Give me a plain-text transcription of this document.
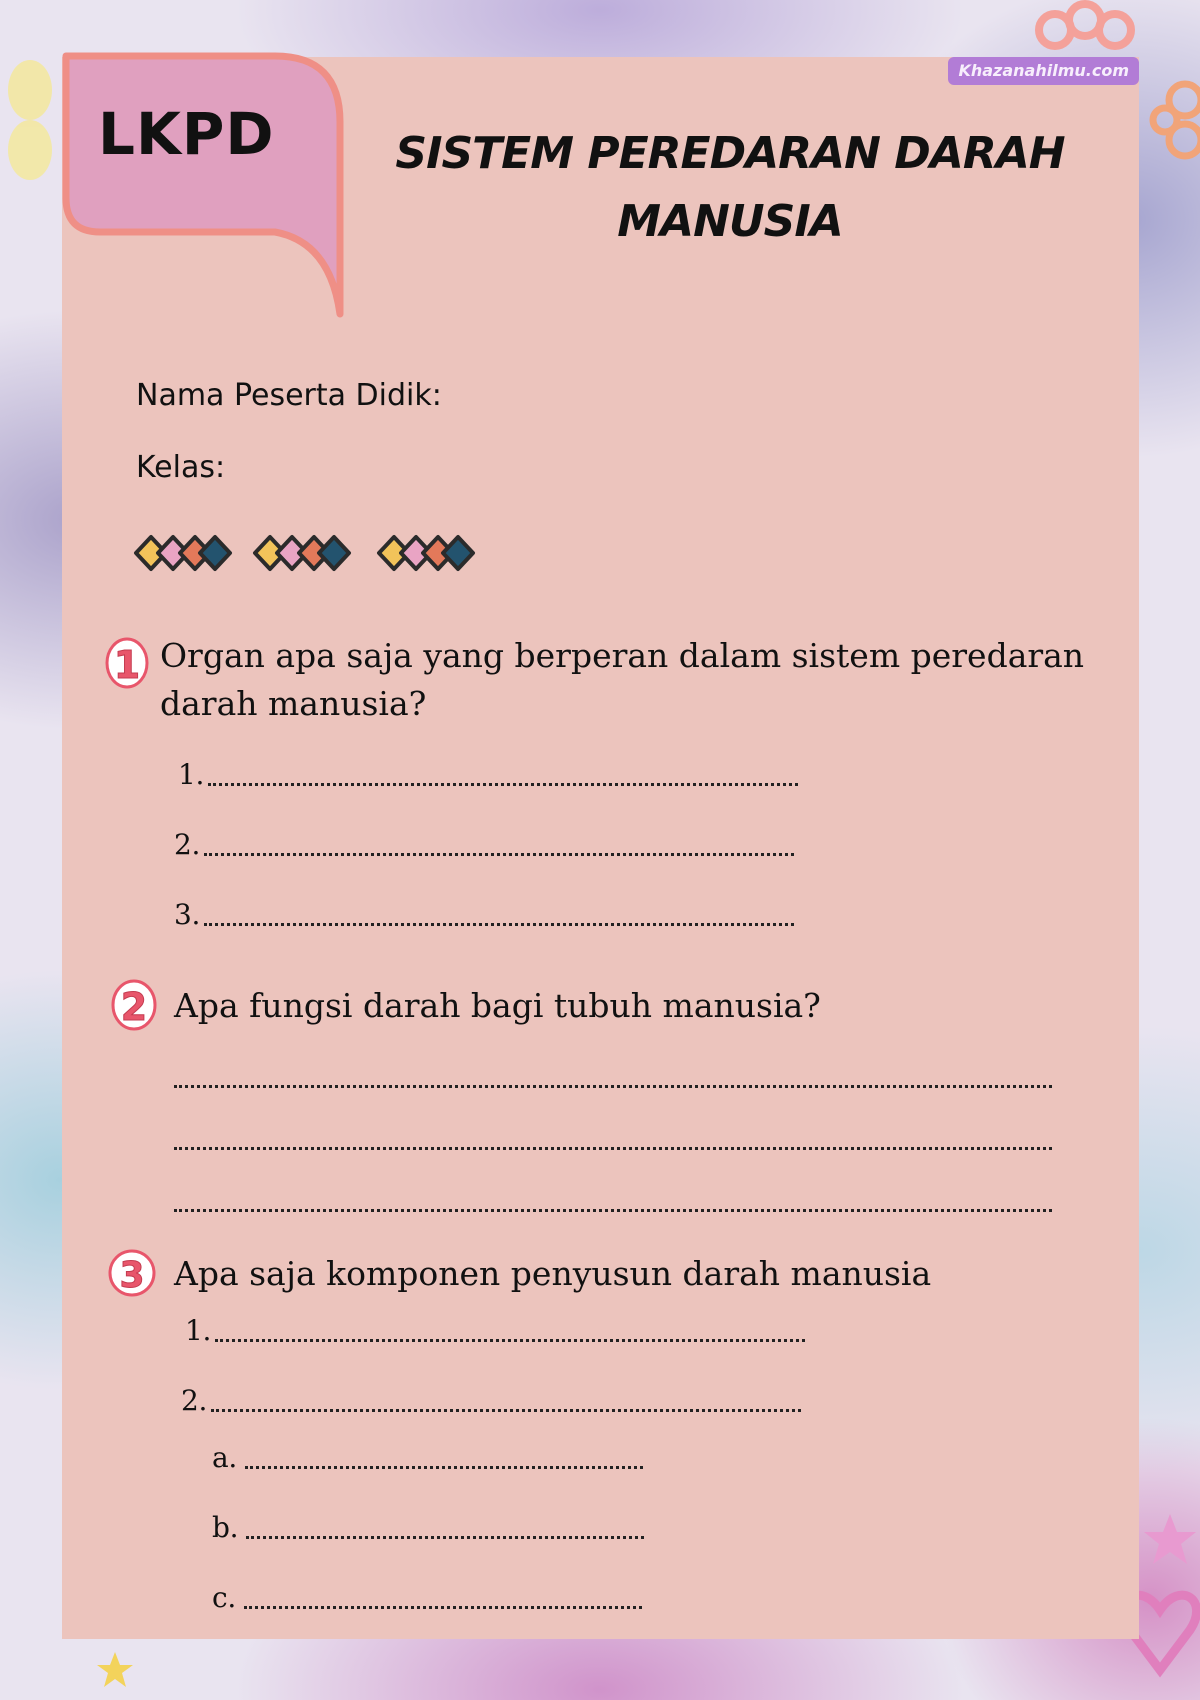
Khazanahilmu.com
LKPD	SISTEM PEREDARAN DARAH
MANUSIA
Nama Peserta Didik:
Kelas:
1 Organ apa saja yang berperan dalam sistem peredaran darah manusia?
1.
2.
3.
2 Apa fungsi darah bagi tubuh manusia?
3 Apa saja komponen penyusun darah manusia
1.
2.
a.
b.
c.
